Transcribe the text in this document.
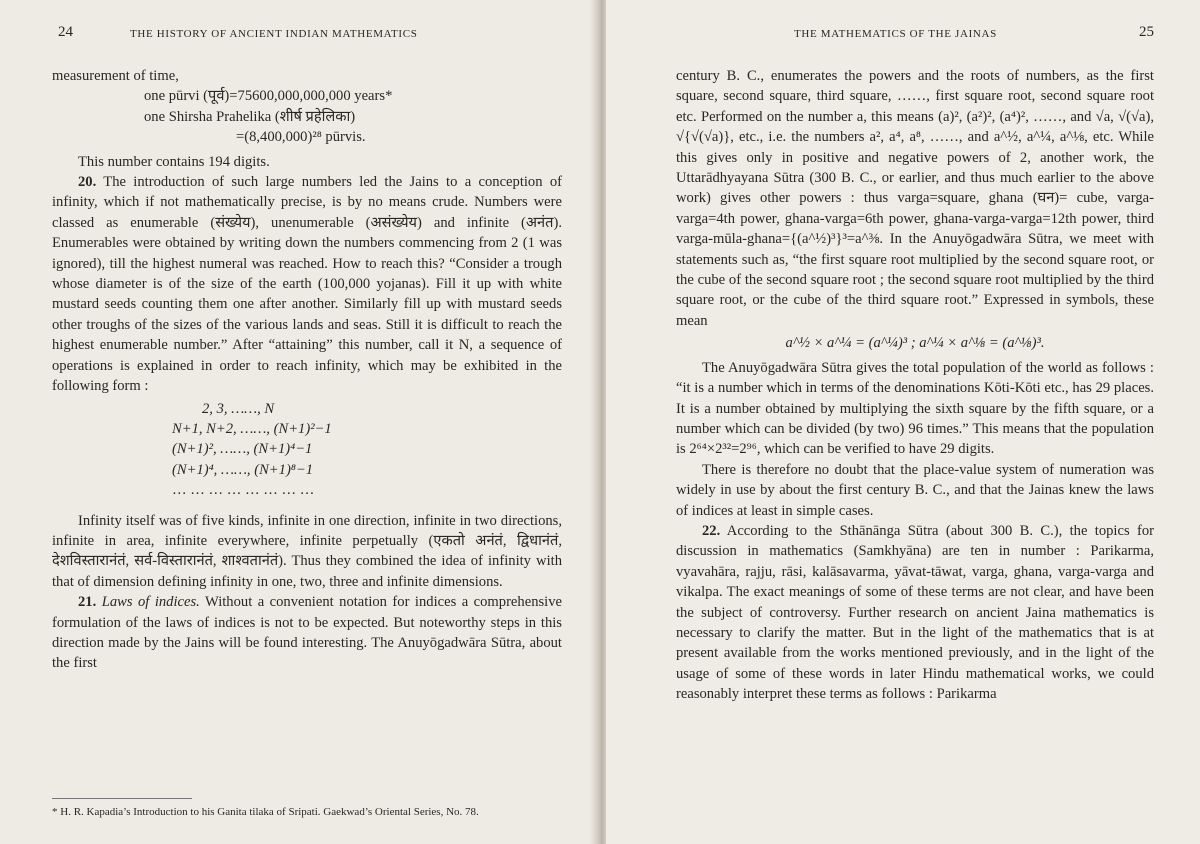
24	THE HISTORY OF ANCIENT INDIAN MATHEMATICS

measurement of time,

one pūrvi (पूर्व)=75600,000,000,000 years*

one Shirsha Prahelika (शीर्ष प्रहेलिका)

=(8,400,000)²⁸ pūrvis.

This number contains 194 digits.

20. The introduction of such large numbers led the Jains to a conception of infinity, which if not mathematically precise, is by no means crude. Numbers were classed as enumerable (संख्येय), unenumerable (असंख्येय) and infinite (अनंत). Enumerables were obtained by writing down the numbers commencing from 2 (1 was ignored), till the highest numeral was reached. How to reach this? “Consider a trough whose diameter is of the size of the earth (100,000 yojanas). Fill it up with white mustard seeds counting them one after another. Similarly fill up with mustard seeds other troughs of the sizes of the various lands and seas. Still it is difficult to reach the highest enumerable number.” After “attaining” this number, call it N, a sequence of operations is explained in order to reach infinity, which may be exhibited in the following form :

2, 3, ……, N

N+1, N+2, ……, (N+1)²−1

(N+1)², ……, (N+1)⁴−1

(N+1)⁴, ……, (N+1)⁸−1

… … … … … … … …

Infinity itself was of five kinds, infinite in one direction, infinite in two directions, infinite in area, infinite everywhere, infinite perpetually (एकतो अनंतं, द्विधानंतं, देशविस्तारानंतं, सर्व-विस्तारानंतं, शाश्वतानंतं). Thus they combined the idea of infinity with that of dimension defining infinity in one, two, three and infinite dimensions.

21. Laws of indices. Without a convenient notation for indices a comprehensive formulation of the laws of indices is not to be expected. But noteworthy steps in this direction made by the Jains will be found interesting. The Anuyōgadwāra Sūtra, about the first

* H. R. Kapadia’s Introduction to his Ganita tilaka of Sripati. Gaekwad’s Oriental Series, No. 78.
THE MATHEMATICS OF THE JAINAS	25

century B. C., enumerates the powers and the roots of numbers, as the first square, second square, third square, ……, first square root, second square root etc. Performed on the number a, this means (a)², (a²)², (a⁴)², ……, and √a, √(√a), √{√(√a)}, etc., i.e. the numbers a², a⁴, a⁸, ……, and a^½, a^¼, a^⅛, etc. While this gives only in positive and negative powers of 2, another work, the Uttarādhyayana Sūtra (300 B. C., or earlier, and thus much earlier to the above work) gives other powers : thus varga=square, ghana (घन)= cube, varga-varga=4th power, ghana-varga=6th power, ghana-varga-varga=12th power, third varga-mūla-ghana={(a^½)³}³=a^⅜. In the Anuyōgadwāra Sūtra, we meet with statements such as, “the first square root multiplied by the second square root, or the cube of the second square root ; the second square root multiplied by the third square root, or the cube of the third square root.” Expressed in symbols, these mean

a^½ × a^¼ = (a^¼)³ ; a^¼ × a^⅛ = (a^⅛)³.

The Anuyōgadwāra Sūtra gives the total population of the world as follows : “it is a number which in terms of the denominations Kōti-Kōti etc., has 29 places. It is a number obtained by multiplying the sixth square by the fifth square, or a number which can be divided (by two) 96 times.” This means that the population is 2⁶⁴×2³²=2⁹⁶, which can be verified to have 29 digits.

There is therefore no doubt that the place-value system of numeration was widely in use by about the first century B. C., and that the Jainas knew the laws of indices at least in simple cases.

22. According to the Sthānānga Sūtra (about 300 B. C.), the topics for discussion in mathematics (Samkhyāna) are ten in number : Parikarma, vyavahāra, rajju, rāsi, kalāsavarma, yāvat-tāwat, varga, ghana, varga-varga and vikalpa. The exact meanings of some of these terms are not clear, and have been the subject of controversy. Further research on ancient Jaina mathematics is necessary to clarify the matter. But in the light of the mathematics that is at present available from the works mentioned previously, and in the light of the usage of some of these words in later Hindu mathematical works, we could reasonably interpret these terms as follows : Parikarma
